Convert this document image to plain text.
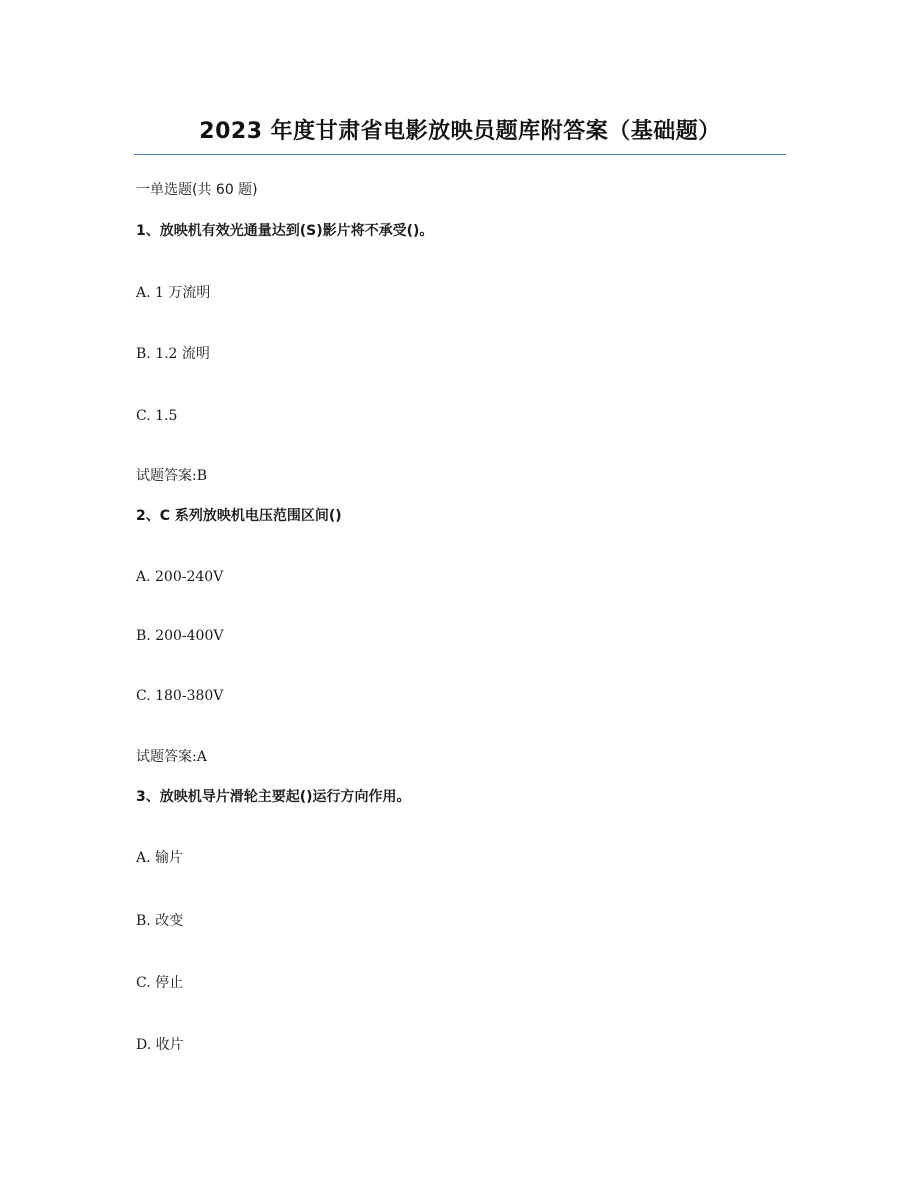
2023 年度甘肃省电影放映员题库附答案（基础题）
一单选题(共 60 题)
1、放映机有效光通量达到(S)影片将不承受()。
A. 1 万流明
B. 1.2 流明
C. 1.5
试题答案:B
2、C 系列放映机电压范围区间()
A. 200-240V
B. 200-400V
C. 180-380V
试题答案:A
3、放映机导片滑轮主要起()运行方向作用。
A. 输片
B. 改变
C. 停止
D. 收片
